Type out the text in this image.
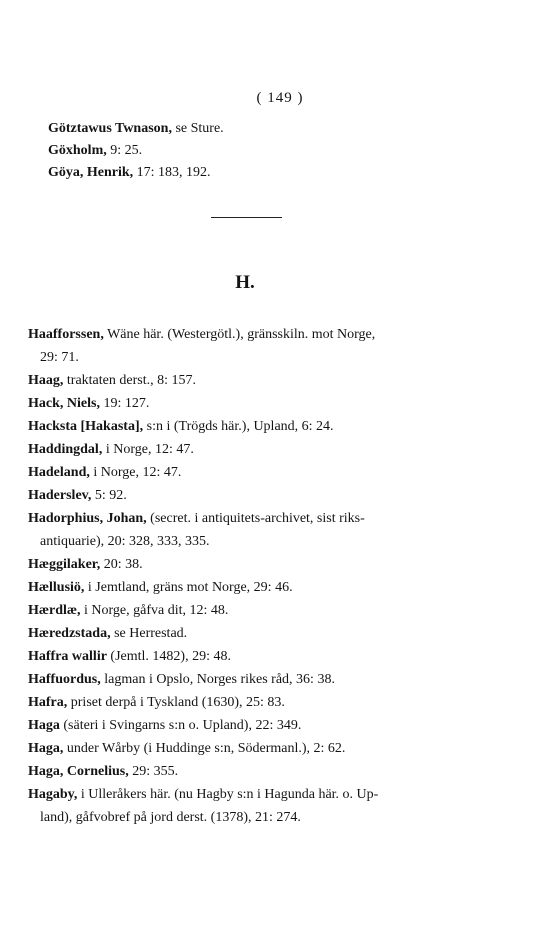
( 149 )
Götztawus Twnason, se Sture.
Göxholm, 9: 25.
Göya, Henrik, 17: 183, 192.
H.
Haafforssen, Wäne här. (Westergötl.), gränsskiln. mot Norge,
29: 71.
Haag, traktaten derst., 8: 157.
Hack, Niels, 19: 127.
Hacksta [Hakasta], s:n i (Trögds här.), Upland, 6: 24.
Haddingdal, i Norge, 12: 47.
Hadeland, i Norge, 12: 47.
Haderslev, 5: 92.
Hadorphius, Johan, (secret. i antiquitets-archivet, sist riks-
antiquarie), 20: 328, 333, 335.
Hæggilaker, 20: 38.
Hællusiö, i Jemtland, gräns mot Norge, 29: 46.
Hærdlæ, i Norge, gåfva dit, 12: 48.
Hæredzstada, se Herrestad.
Haffra wallir (Jemtl. 1482), 29: 48.
Haffuordus, lagman i Opslo, Norges rikes råd, 36: 38.
Hafra, priset derpå i Tyskland (1630), 25: 83.
Haga (säteri i Svingarns s:n o. Upland), 22: 349.
Haga, under Wårby (i Huddinge s:n, Södermanl.), 2: 62.
Haga, Cornelius, 29: 355.
Hagaby, i Ulleråkers här. (nu Hagby s:n i Hagunda här. o. Up-
land), gåfvobref på jord derst. (1378), 21: 274.
